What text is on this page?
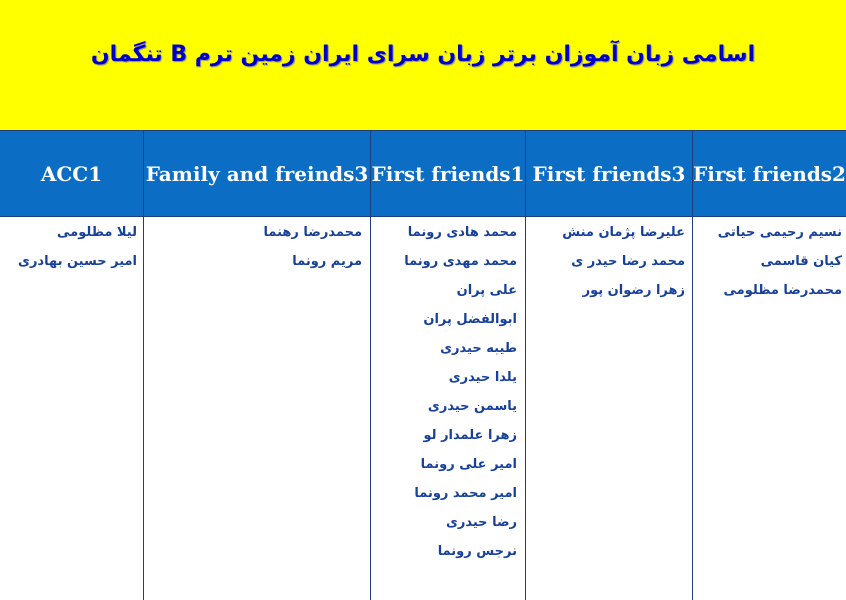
اسامی زبان آموزان برتر زبان سرای ایران زمین ترم B تنگمان
ACC1	Family and freinds3 First friends1 First friends3 First friends2
لیلا مظلومی
امیر حسین بهادری
محمدرضا رهنما
مریم رونما
محمد هادی رونما
محمد مهدی رونما
علی پران
ابوالفضل پران
طیبه حیدری
یلدا حیدری
یاسمن حیدری
زهرا علمدار لو
امیر علی رونما
امیر محمد رونما
رضا حیدری
نرجس رونما
علیرضا پژمان منش
محمد رضا حیدر ی
زهرا رضوان پور
نسیم رحیمی حیاتی
کیان قاسمی
محمدرضا مظلومی
